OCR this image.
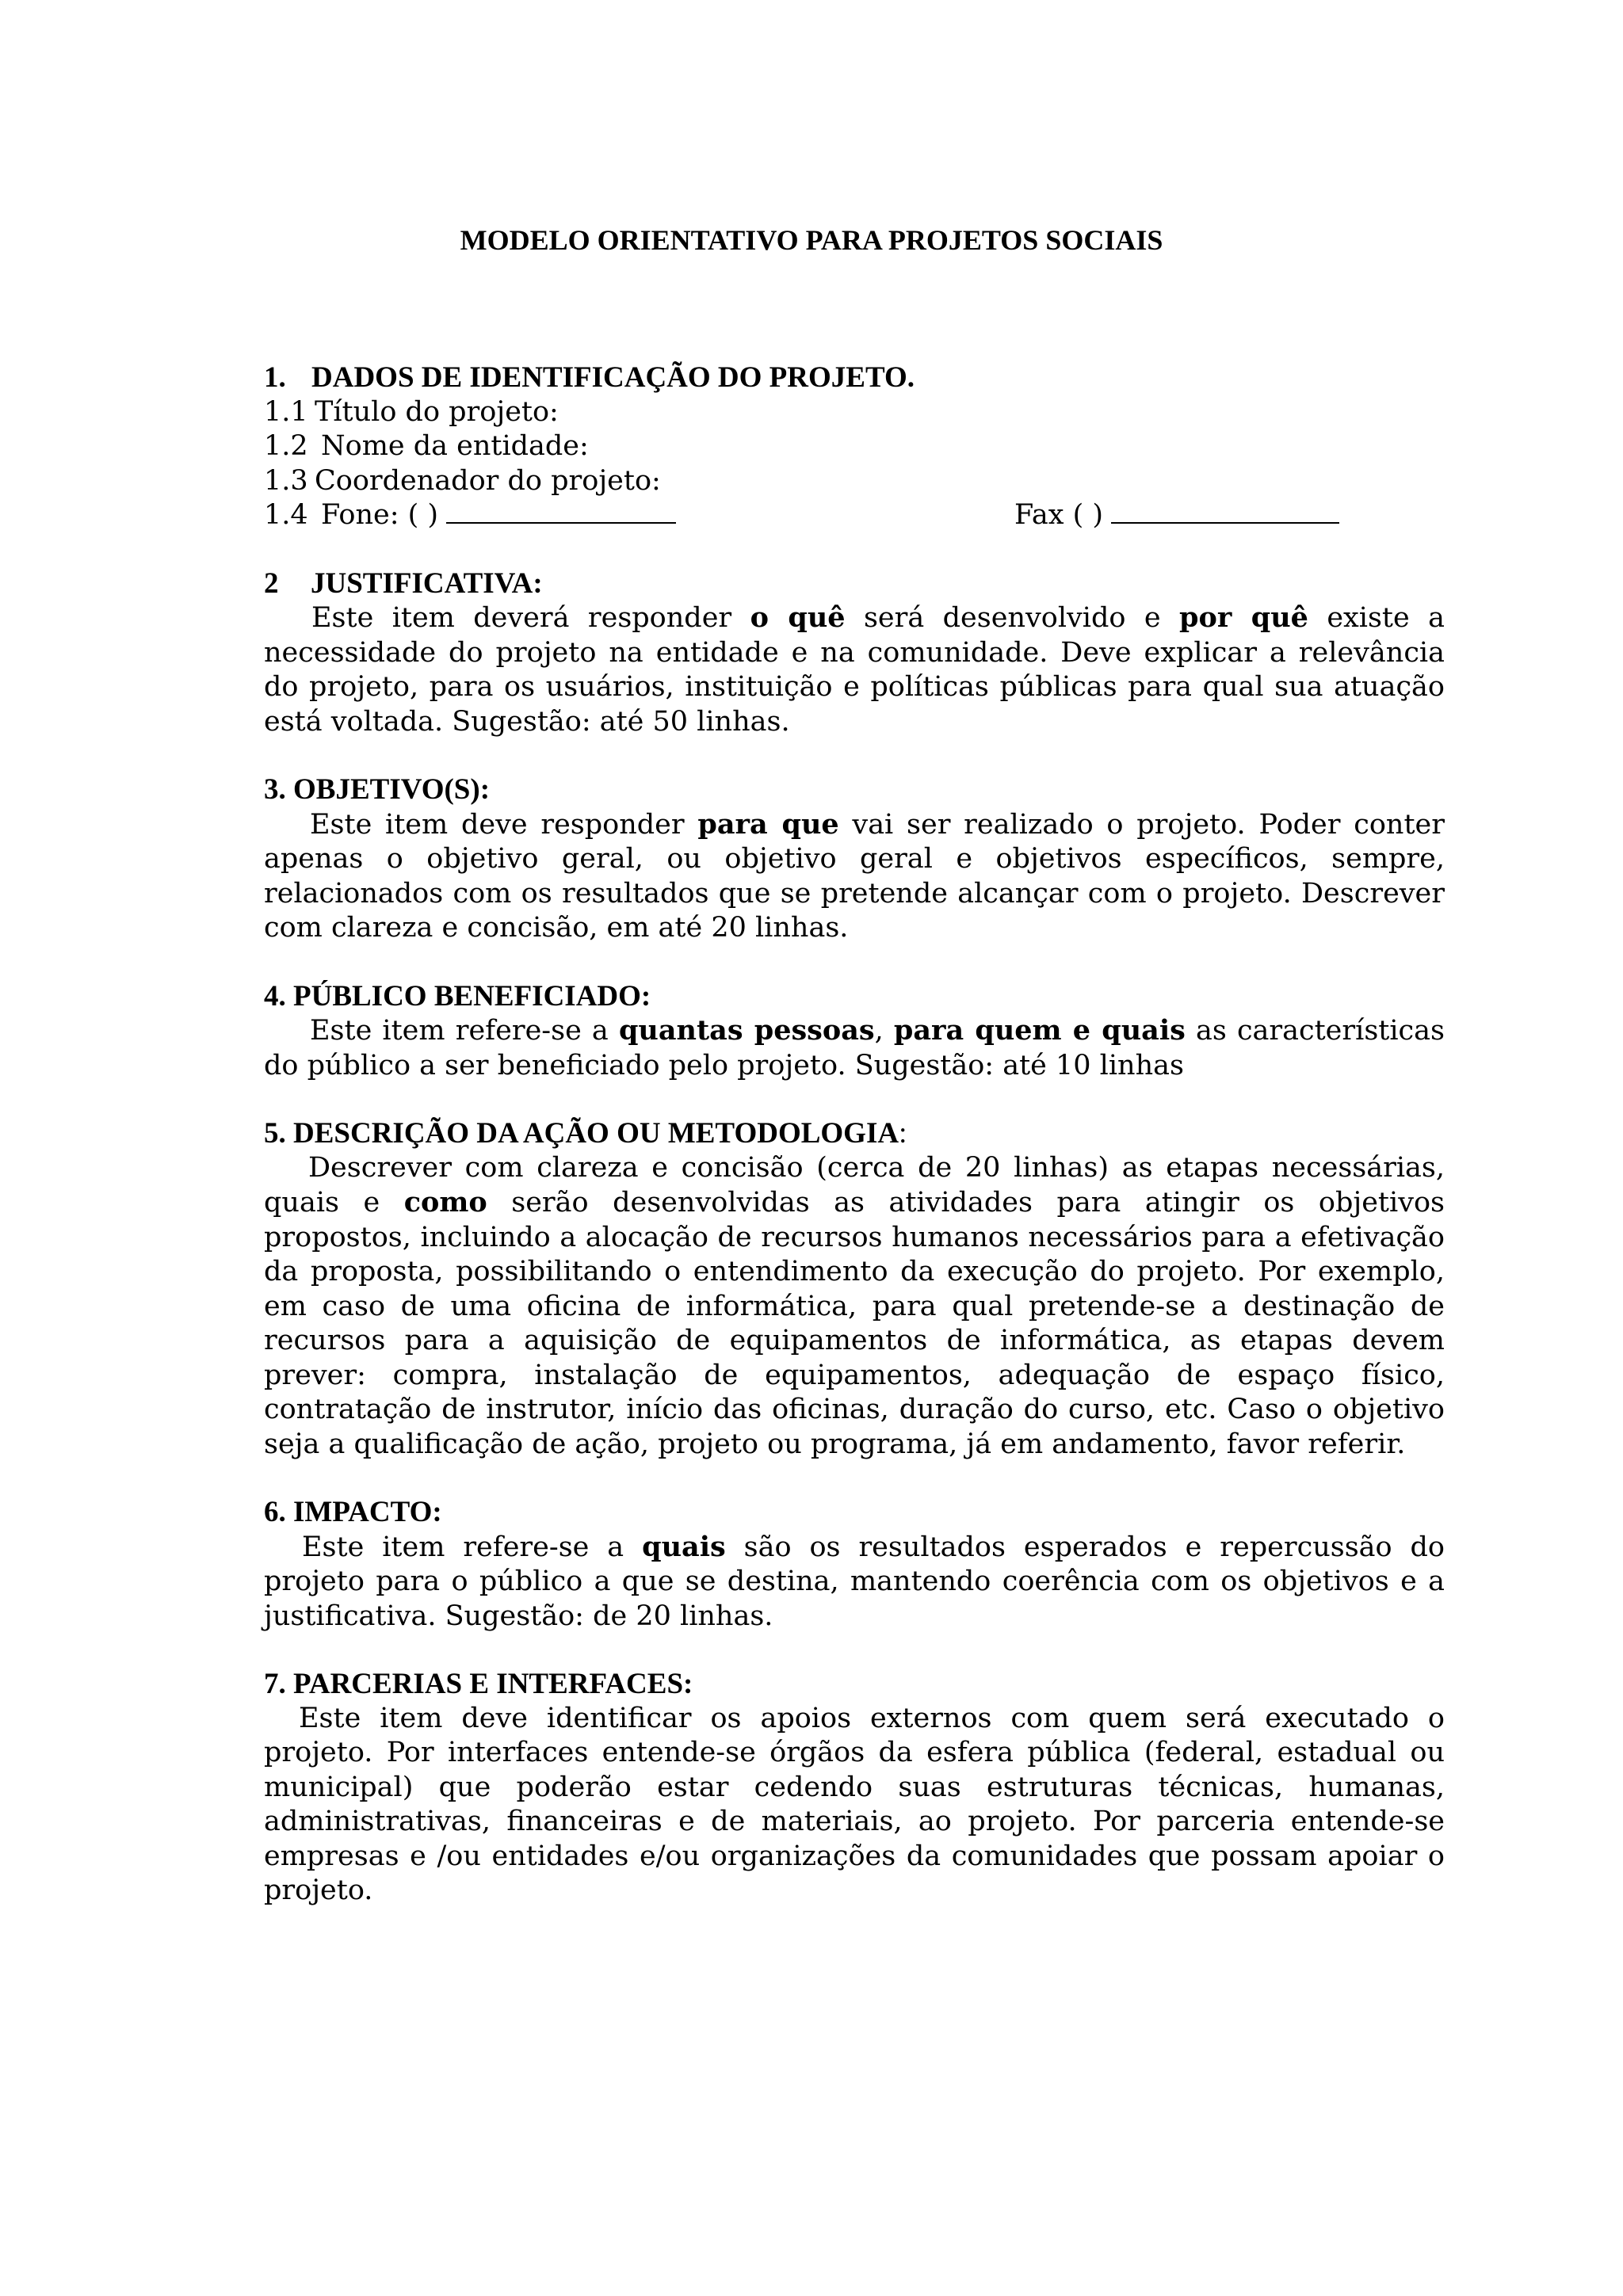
MODELO ORIENTATIVO PARA PROJETOS SOCIAIS
1. DADOS DE IDENTIFICAÇÃO DO PROJETO.
1.1 Título do projeto:
1.2 Nome da entidade:
1.3 Coordenador do projeto:
1.4 Fone: ( )	Fax ( )
2 JUSTIFICATIVA:

Este item deverá responder o quê será desenvolvido e por quê existe a necessidade do projeto na entidade e na comunidade. Deve explicar a relevância do projeto, para os usuários, instituição e políticas públicas para qual sua atuação está voltada. Sugestão: até 50 linhas.

3. OBJETIVO(S):

Este item deve responder para que vai ser realizado o projeto. Poder conter apenas o objetivo geral, ou objetivo geral e objetivos específicos, sempre, relacionados com os resultados que se pretende alcançar com o projeto. Descrever com clareza e concisão, em até 20 linhas.

4. PÚBLICO BENEFICIADO:

Este item refere-se a quantas pessoas, para quem e quais as características do público a ser beneficiado pelo projeto. Sugestão: até 10 linhas

5. DESCRIÇÃO DA AÇÃO OU METODOLOGIA:

Descrever com clareza e concisão (cerca de 20 linhas) as etapas necessárias, quais e como serão desenvolvidas as atividades para atingir os objetivos propostos, incluindo a alocação de recursos humanos necessários para a efetivação da proposta, possibilitando o entendimento da execução do projeto. Por exemplo, em caso de uma oficina de informática, para qual pretende-se a destinação de recursos para a aquisição de equipamentos de informática, as etapas devem prever: compra, instalação de equipamentos, adequação de espaço físico, contratação de instrutor, início das oficinas, duração do curso, etc. Caso o objetivo seja a qualificação de ação, projeto ou programa, já em andamento, favor referir.

6. IMPACTO:

Este item refere-se a quais são os resultados esperados e repercussão do projeto para o público a que se destina, mantendo coerência com os objetivos e a justificativa. Sugestão: de 20 linhas.

7. PARCERIAS E INTERFACES:

Este item deve identificar os apoios externos com quem será executado o projeto. Por interfaces entende-se órgãos da esfera pública (federal, estadual ou municipal) que poderão estar cedendo suas estruturas técnicas, humanas, administrativas, financeiras e de materiais, ao projeto. Por parceria entende-se empresas e /ou entidades e/ou organizações da comunidades que possam apoiar o projeto.
